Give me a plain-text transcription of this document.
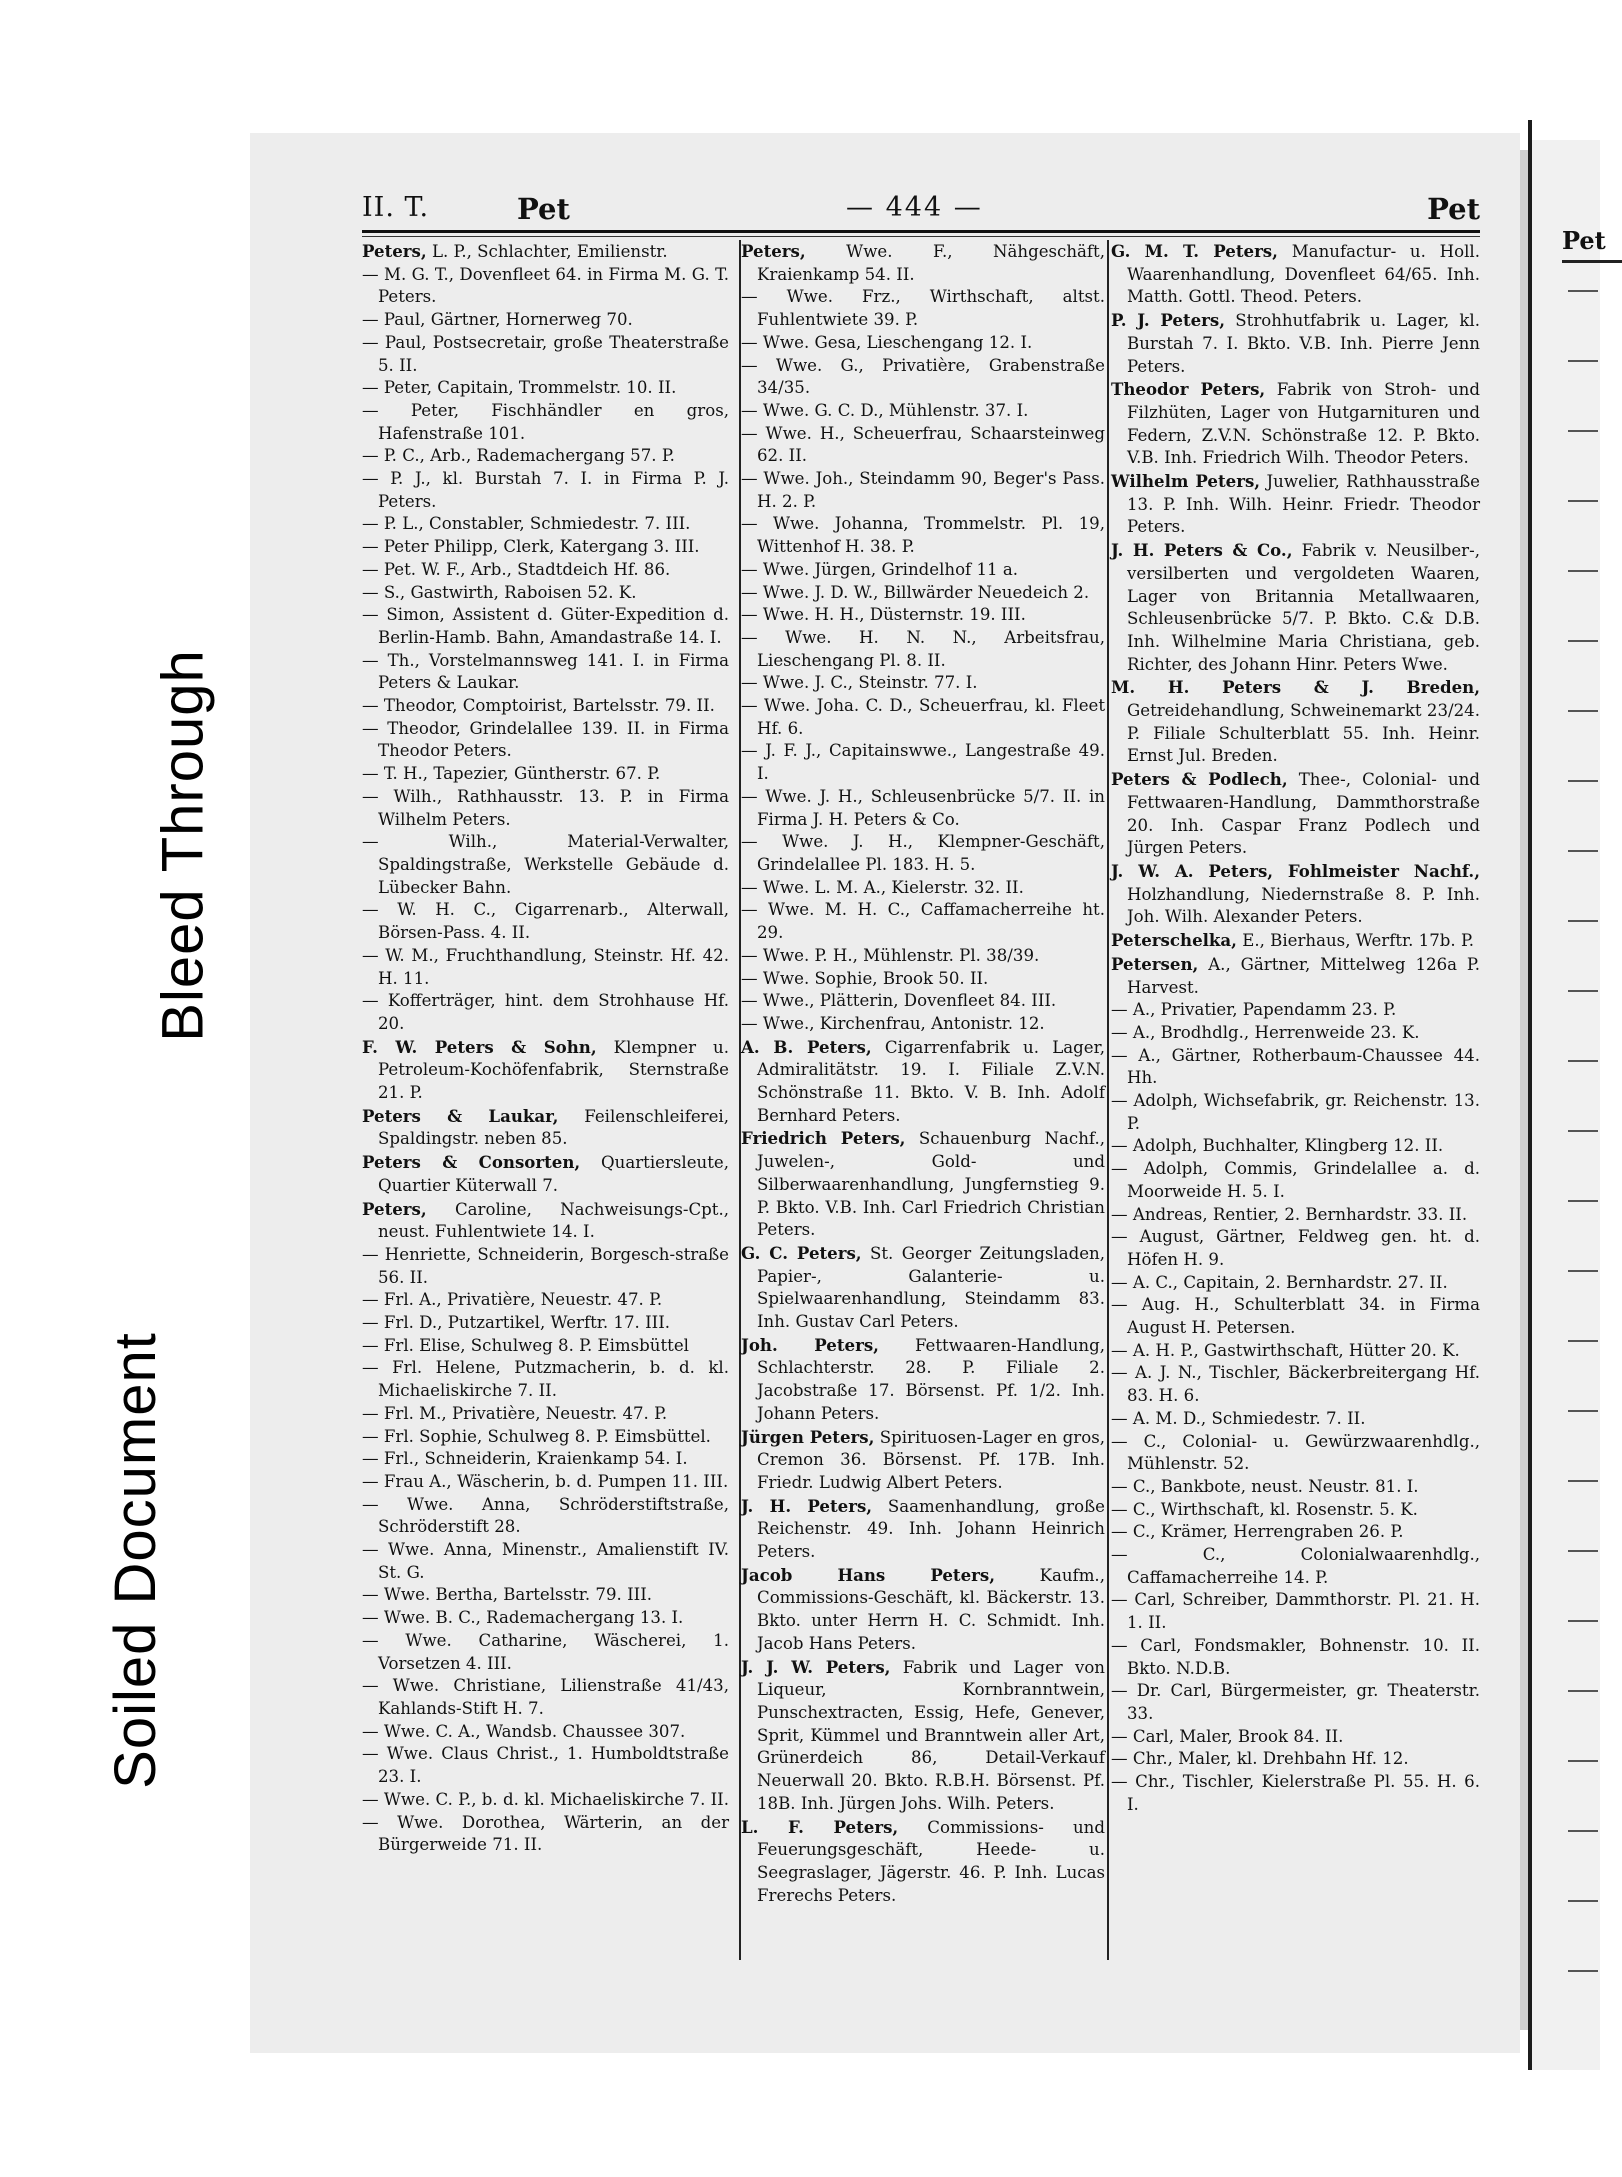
Pet
II. T.	Pet	— 444 —	Pet
Peters, L. P., Schlachter, Emilienstr.
— M. G. T., Dovenfleet 64. in Firma M. G. T. Peters.
— Paul, Gärtner, Hornerweg 70.
— Paul, Postsecretair, große Theaterstraße 5. II.
— Peter, Capitain, Trommelstr. 10. II.
— Peter, Fischhändler en gros, Hafenstraße 101.
— P. C., Arb., Rademachergang 57. P.
— P. J., kl. Burstah 7. I. in Firma P. J. Peters.
— P. L., Constabler, Schmiedestr. 7. III.
— Peter Philipp, Clerk, Katergang 3. III.
— Pet. W. F., Arb., Stadtdeich Hf. 86.
— S., Gastwirth, Raboisen 52. K.
— Simon, Assistent d. Güter-Expedition d. Berlin-Hamb. Bahn, Amandastraße 14. I.
— Th., Vorstelmannsweg 141. I. in Firma Peters & Laukar.
— Theodor, Comptoirist, Bartelsstr. 79. II.
— Theodor, Grindelallee 139. II. in Firma Theodor Peters.
— T. H., Tapezier, Güntherstr. 67. P.
— Wilh., Rathhausstr. 13. P. in Firma Wilhelm Peters.
— Wilh., Material-Verwalter, Spaldingstraße, Werkstelle Gebäude d. Lübecker Bahn.
— W. H. C., Cigarrenarb., Alterwall, Börsen-Pass. 4. II.
— W. M., Fruchthandlung, Steinstr. Hf. 42. H. 11.
— Kofferträger, hint. dem Strohhause Hf. 20.
F. W. Peters & Sohn, Klempner u. Petroleum-Kochöfenfabrik, Sternstraße 21. P.
Peters & Laukar, Feilenschleiferei, Spaldingstr. neben 85.
Peters & Consorten, Quartiersleute, Quartier Küterwall 7.
Peters, Caroline, Nachweisungs-Cpt., neust. Fuhlentwiete 14. I.
— Henriette, Schneiderin, Borgesch-straße 56. II.
— Frl. A., Privatière, Neuestr. 47. P.
— Frl. D., Putzartikel, Werftr. 17. III.
— Frl. Elise, Schulweg 8. P. Eimsbüttel
— Frl. Helene, Putzmacherin, b. d. kl. Michaeliskirche 7. II.
— Frl. M., Privatière, Neuestr. 47. P.
— Frl. Sophie, Schulweg 8. P. Eimsbüttel.
— Frl., Schneiderin, Kraienkamp 54. I.
— Frau A., Wäscherin, b. d. Pumpen 11. III.
— Wwe. Anna, Schröderstiftstraße, Schröderstift 28.
— Wwe. Anna, Minenstr., Amalienstift IV. St. G.
— Wwe. Bertha, Bartelsstr. 79. III.
— Wwe. B. C., Rademachergang 13. I.
— Wwe. Catharine, Wäscherei, 1. Vorsetzen 4. III.
— Wwe. Christiane, Lilienstraße 41/43, Kahlands-Stift H. 7.
— Wwe. C. A., Wandsb. Chaussee 307.
— Wwe. Claus Christ., 1. Humboldtstraße 23. I.
— Wwe. C. P., b. d. kl. Michaeliskirche 7. II.
— Wwe. Dorothea, Wärterin, an der Bürgerweide 71. II.
Peters, Wwe. F., Nähgeschäft, Kraienkamp 54. II.
— Wwe. Frz., Wirthschaft, altst. Fuhlentwiete 39. P.
— Wwe. Gesa, Lieschengang 12. I.
— Wwe. G., Privatière, Grabenstraße 34/35.
— Wwe. G. C. D., Mühlenstr. 37. I.
— Wwe. H., Scheuerfrau, Schaarsteinweg 62. II.
— Wwe. Joh., Steindamm 90, Beger's Pass. H. 2. P.
— Wwe. Johanna, Trommelstr. Pl. 19, Wittenhof H. 38. P.
— Wwe. Jürgen, Grindelhof 11 a.
— Wwe. J. D. W., Billwärder Neuedeich 2.
— Wwe. H. H., Düsternstr. 19. III.
— Wwe. H. N. N., Arbeitsfrau, Lieschengang Pl. 8. II.
— Wwe. J. C., Steinstr. 77. I.
— Wwe. Joha. C. D., Scheuerfrau, kl. Fleet Hf. 6.
— J. F. J., Capitainswwe., Langestraße 49. I.
— Wwe. J. H., Schleusenbrücke 5/7. II. in Firma J. H. Peters & Co.
— Wwe. J. H., Klempner-Geschäft, Grindelallee Pl. 183. H. 5.
— Wwe. L. M. A., Kielerstr. 32. II.
— Wwe. M. H. C., Caffamacherreihe ht. 29.
— Wwe. P. H., Mühlenstr. Pl. 38/39.
— Wwe. Sophie, Brook 50. II.
— Wwe., Plätterin, Dovenfleet 84. III.
— Wwe., Kirchenfrau, Antonistr. 12.
A. B. Peters, Cigarrenfabrik u. Lager, Admiralitätstr. 19. I. Filiale Z.V.N. Schönstraße 11. Bkto. V. B. Inh. Adolf Bernhard Peters.
Friedrich Peters, Schauenburg Nachf., Juwelen-, Gold- und Silberwaarenhandlung, Jungfernstieg 9. P. Bkto. V.B. Inh. Carl Friedrich Christian Peters.
G. C. Peters, St. Georger Zeitungsladen, Papier-, Galanterie- u. Spielwaarenhandlung, Steindamm 83. Inh. Gustav Carl Peters.
Joh. Peters, Fettwaaren-Handlung, Schlachterstr. 28. P. Filiale 2. Jacobstraße 17. Börsenst. Pf. 1/2. Inh. Johann Peters.
Jürgen Peters, Spirituosen-Lager en gros, Cremon 36. Börsenst. Pf. 17B. Inh. Friedr. Ludwig Albert Peters.
J. H. Peters, Saamenhandlung, große Reichenstr. 49. Inh. Johann Heinrich Peters.
Jacob Hans Peters, Kaufm., Commissions-Geschäft, kl. Bäckerstr. 13. Bkto. unter Herrn H. C. Schmidt. Inh. Jacob Hans Peters.
J. J. W. Peters, Fabrik und Lager von Liqueur, Kornbranntwein, Punschextracten, Essig, Hefe, Genever, Sprit, Kümmel und Branntwein aller Art, Grünerdeich 86, Detail-Verkauf Neuerwall 20. Bkto. R.B.H. Börsenst. Pf. 18B. Inh. Jürgen Johs. Wilh. Peters.
L. F. Peters, Commissions- und Feuerungsgeschäft, Heede- u. Seegraslager, Jägerstr. 46. P. Inh. Lucas Frerechs Peters.
G. M. T. Peters, Manufactur- u. Holl. Waarenhandlung, Dovenfleet 64/65. Inh. Matth. Gottl. Theod. Peters.
P. J. Peters, Strohhutfabrik u. Lager, kl. Burstah 7. I. Bkto. V.B. Inh. Pierre Jenn Peters.
Theodor Peters, Fabrik von Stroh- und Filzhüten, Lager von Hutgarnituren und Federn, Z.V.N. Schönstraße 12. P. Bkto. V.B. Inh. Friedrich Wilh. Theodor Peters.
Wilhelm Peters, Juwelier, Rathhausstraße 13. P. Inh. Wilh. Heinr. Friedr. Theodor Peters.
J. H. Peters & Co., Fabrik v. Neusilber-, versilberten und vergoldeten Waaren, Lager von Britannia Metallwaaren, Schleusenbrücke 5/7. P. Bkto. C.& D.B. Inh. Wilhelmine Maria Christiana, geb. Richter, des Johann Hinr. Peters Wwe.
M. H. Peters & J. Breden, Getreidehandlung, Schweinemarkt 23/24. P. Filiale Schulterblatt 55. Inh. Heinr. Ernst Jul. Breden.
Peters & Podlech, Thee-, Colonial- und Fettwaaren-Handlung, Dammthorstraße 20. Inh. Caspar Franz Podlech und Jürgen Peters.
J. W. A. Peters, Fohlmeister Nachf., Holzhandlung, Niedernstraße 8. P. Inh. Joh. Wilh. Alexander Peters.
Peterschelka, E., Bierhaus, Werftr. 17b. P.
Petersen, A., Gärtner, Mittelweg 126a P. Harvest.
— A., Privatier, Papendamm 23. P.
— A., Brodhdlg., Herrenweide 23. K.
— A., Gärtner, Rotherbaum-Chaussee 44. Hh.
— Adolph, Wichsefabrik, gr. Reichenstr. 13. P.
— Adolph, Buchhalter, Klingberg 12. II.
— Adolph, Commis, Grindelallee a. d. Moorweide H. 5. I.
— Andreas, Rentier, 2. Bernhardstr. 33. II.
— August, Gärtner, Feldweg gen. ht. d. Höfen H. 9.
— A. C., Capitain, 2. Bernhardstr. 27. II.
— Aug. H., Schulterblatt 34. in Firma August H. Petersen.
— A. H. P., Gastwirthschaft, Hütter 20. K.
— A. J. N., Tischler, Bäckerbreitergang Hf. 83. H. 6.
— A. M. D., Schmiedestr. 7. II.
— C., Colonial- u. Gewürzwaarenhdlg., Mühlenstr. 52.
— C., Bankbote, neust. Neustr. 81. I.
— C., Wirthschaft, kl. Rosenstr. 5. K.
— C., Krämer, Herrengraben 26. P.
— C., Colonialwaarenhdlg., Caffamacherreihe 14. P.
— Carl, Schreiber, Dammthorstr. Pl. 21. H. 1. II.
— Carl, Fondsmakler, Bohnenstr. 10. II. Bkto. N.D.B.
— Dr. Carl, Bürgermeister, gr. Theaterstr. 33.
— Carl, Maler, Brook 84. II.
— Chr., Maler, kl. Drehbahn Hf. 12.
— Chr., Tischler, Kielerstraße Pl. 55. H. 6. I.
Bleed Through
Soiled Document
